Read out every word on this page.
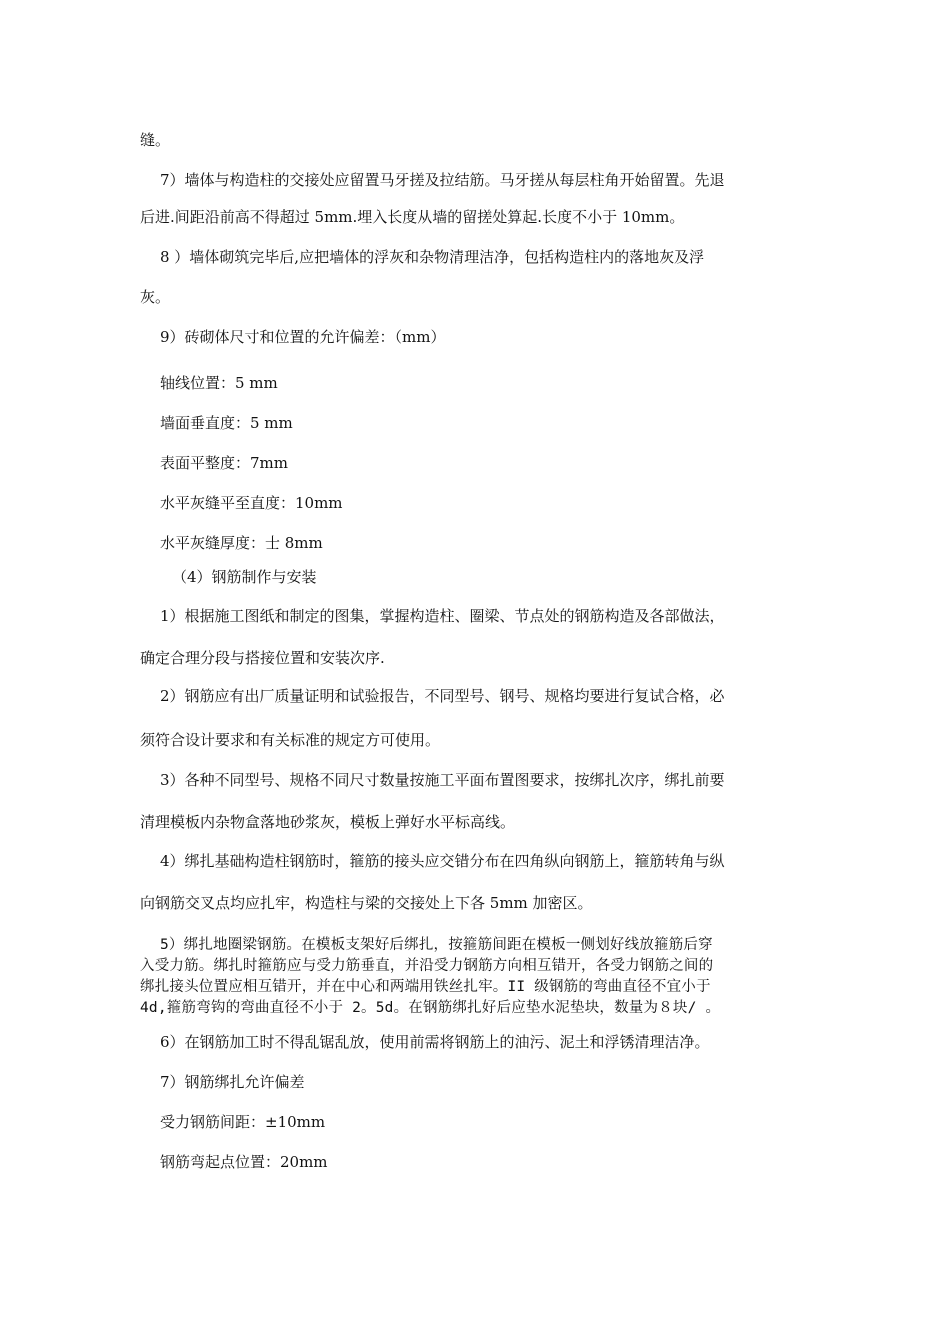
缝。
7）墙体与构造柱的交接处应留置马牙搓及拉结筋。马牙搓从每层柱角开始留置。先退
后进.间距沿前高不得超过 5mm.埋入长度从墙的留搓处算起.长度不小于 10mm。
8 ）墙体砌筑完毕后,应把墙体的浮灰和杂物清理洁净，包括构造柱内的落地灰及浮
灰。
9）砖砌体尺寸和位置的允许偏差：（mm）
轴线位置：5 mm
墙面垂直度：5 mm
表面平整度：7mm
水平灰缝平至直度：10mm
水平灰缝厚度：士 8mm
（4）钢筋制作与安装
1）根据施工图纸和制定的图集，掌握构造柱、圈梁、节点处的钢筋构造及各部做法，
确定合理分段与搭接位置和安装次序.
2）钢筋应有出厂质量证明和试验报告，不同型号、钢号、规格均要进行复试合格，必
须符合设计要求和有关标准的规定方可使用。
3）各种不同型号、规格不同尺寸数量按施工平面布置图要求，按绑扎次序，绑扎前要
清理模板内杂物盒落地砂浆灰，模板上弹好水平标高线。
4）绑扎基础构造柱钢筋时，箍筋的接头应交错分布在四角纵向钢筋上，箍筋转角与纵
向钢筋交叉点均应扎牢，构造柱与梁的交接处上下各 5mm 加密区。
5）绑扎地圈梁钢筋。在模板支架好后绑扎，按箍筋间距在模板一侧划好线放箍筋后穿
入受力筋。绑扎时箍筋应与受力筋垂直，并沿受力钢筋方向相互错开，各受力钢筋之间的
绑扎接头位置应相互错开，并在中心和两端用铁丝扎牢。II 级钢筋的弯曲直径不宜小于
4d,箍筋弯钩的弯曲直径不小于 2。5d。在钢筋绑扎好后应垫水泥垫块，数量为８块/ 。
6）在钢筋加工时不得乱锯乱放，使用前需将钢筋上的油污、泥土和浮锈清理洁净。
7）钢筋绑扎允许偏差
受力钢筋间距：±10mm
钢筋弯起点位置：20mm
